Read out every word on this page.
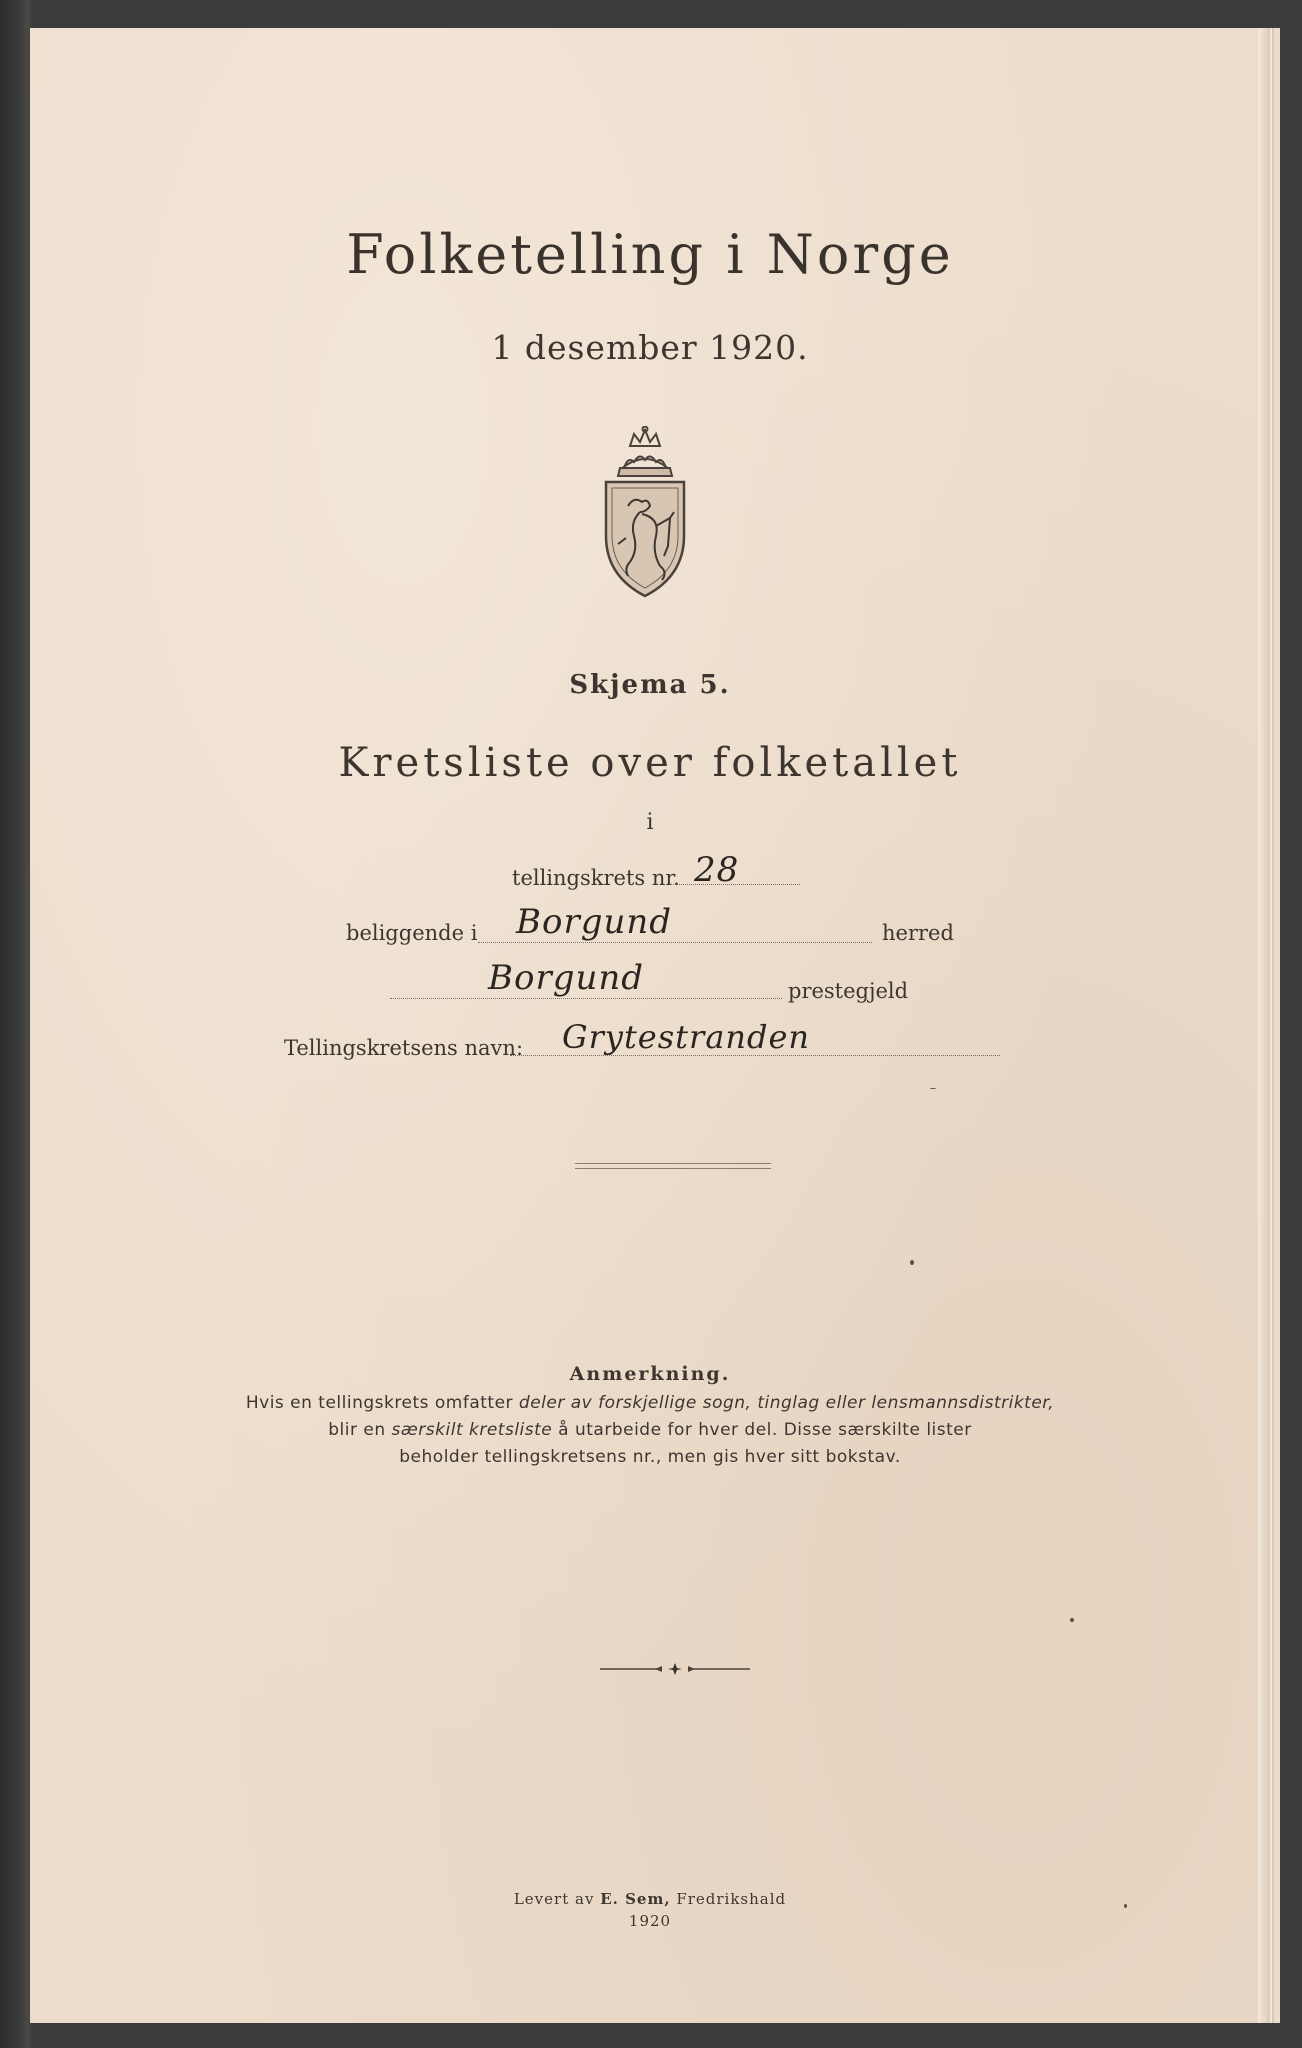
Folketelling i Norge
1 desember 1920.
Skjema 5.
Kretsliste over folketallet
i
tellingskrets nr. 28
beliggende i Borgund	herred
Borgund	prestegjeld
Tellingskretsens navn: Grytestranden
Anmerkning.
Hvis en tellingskrets omfatter deler av forskjellige sogn, tinglag eller lensmannsdistrikter,
blir en særskilt kretsliste å utarbeide for hver del. Disse særskilte lister
beholder tellingskretsens nr., men gis hver sitt bokstav.
Levert av E. Sem, Fredrikshald
1920
